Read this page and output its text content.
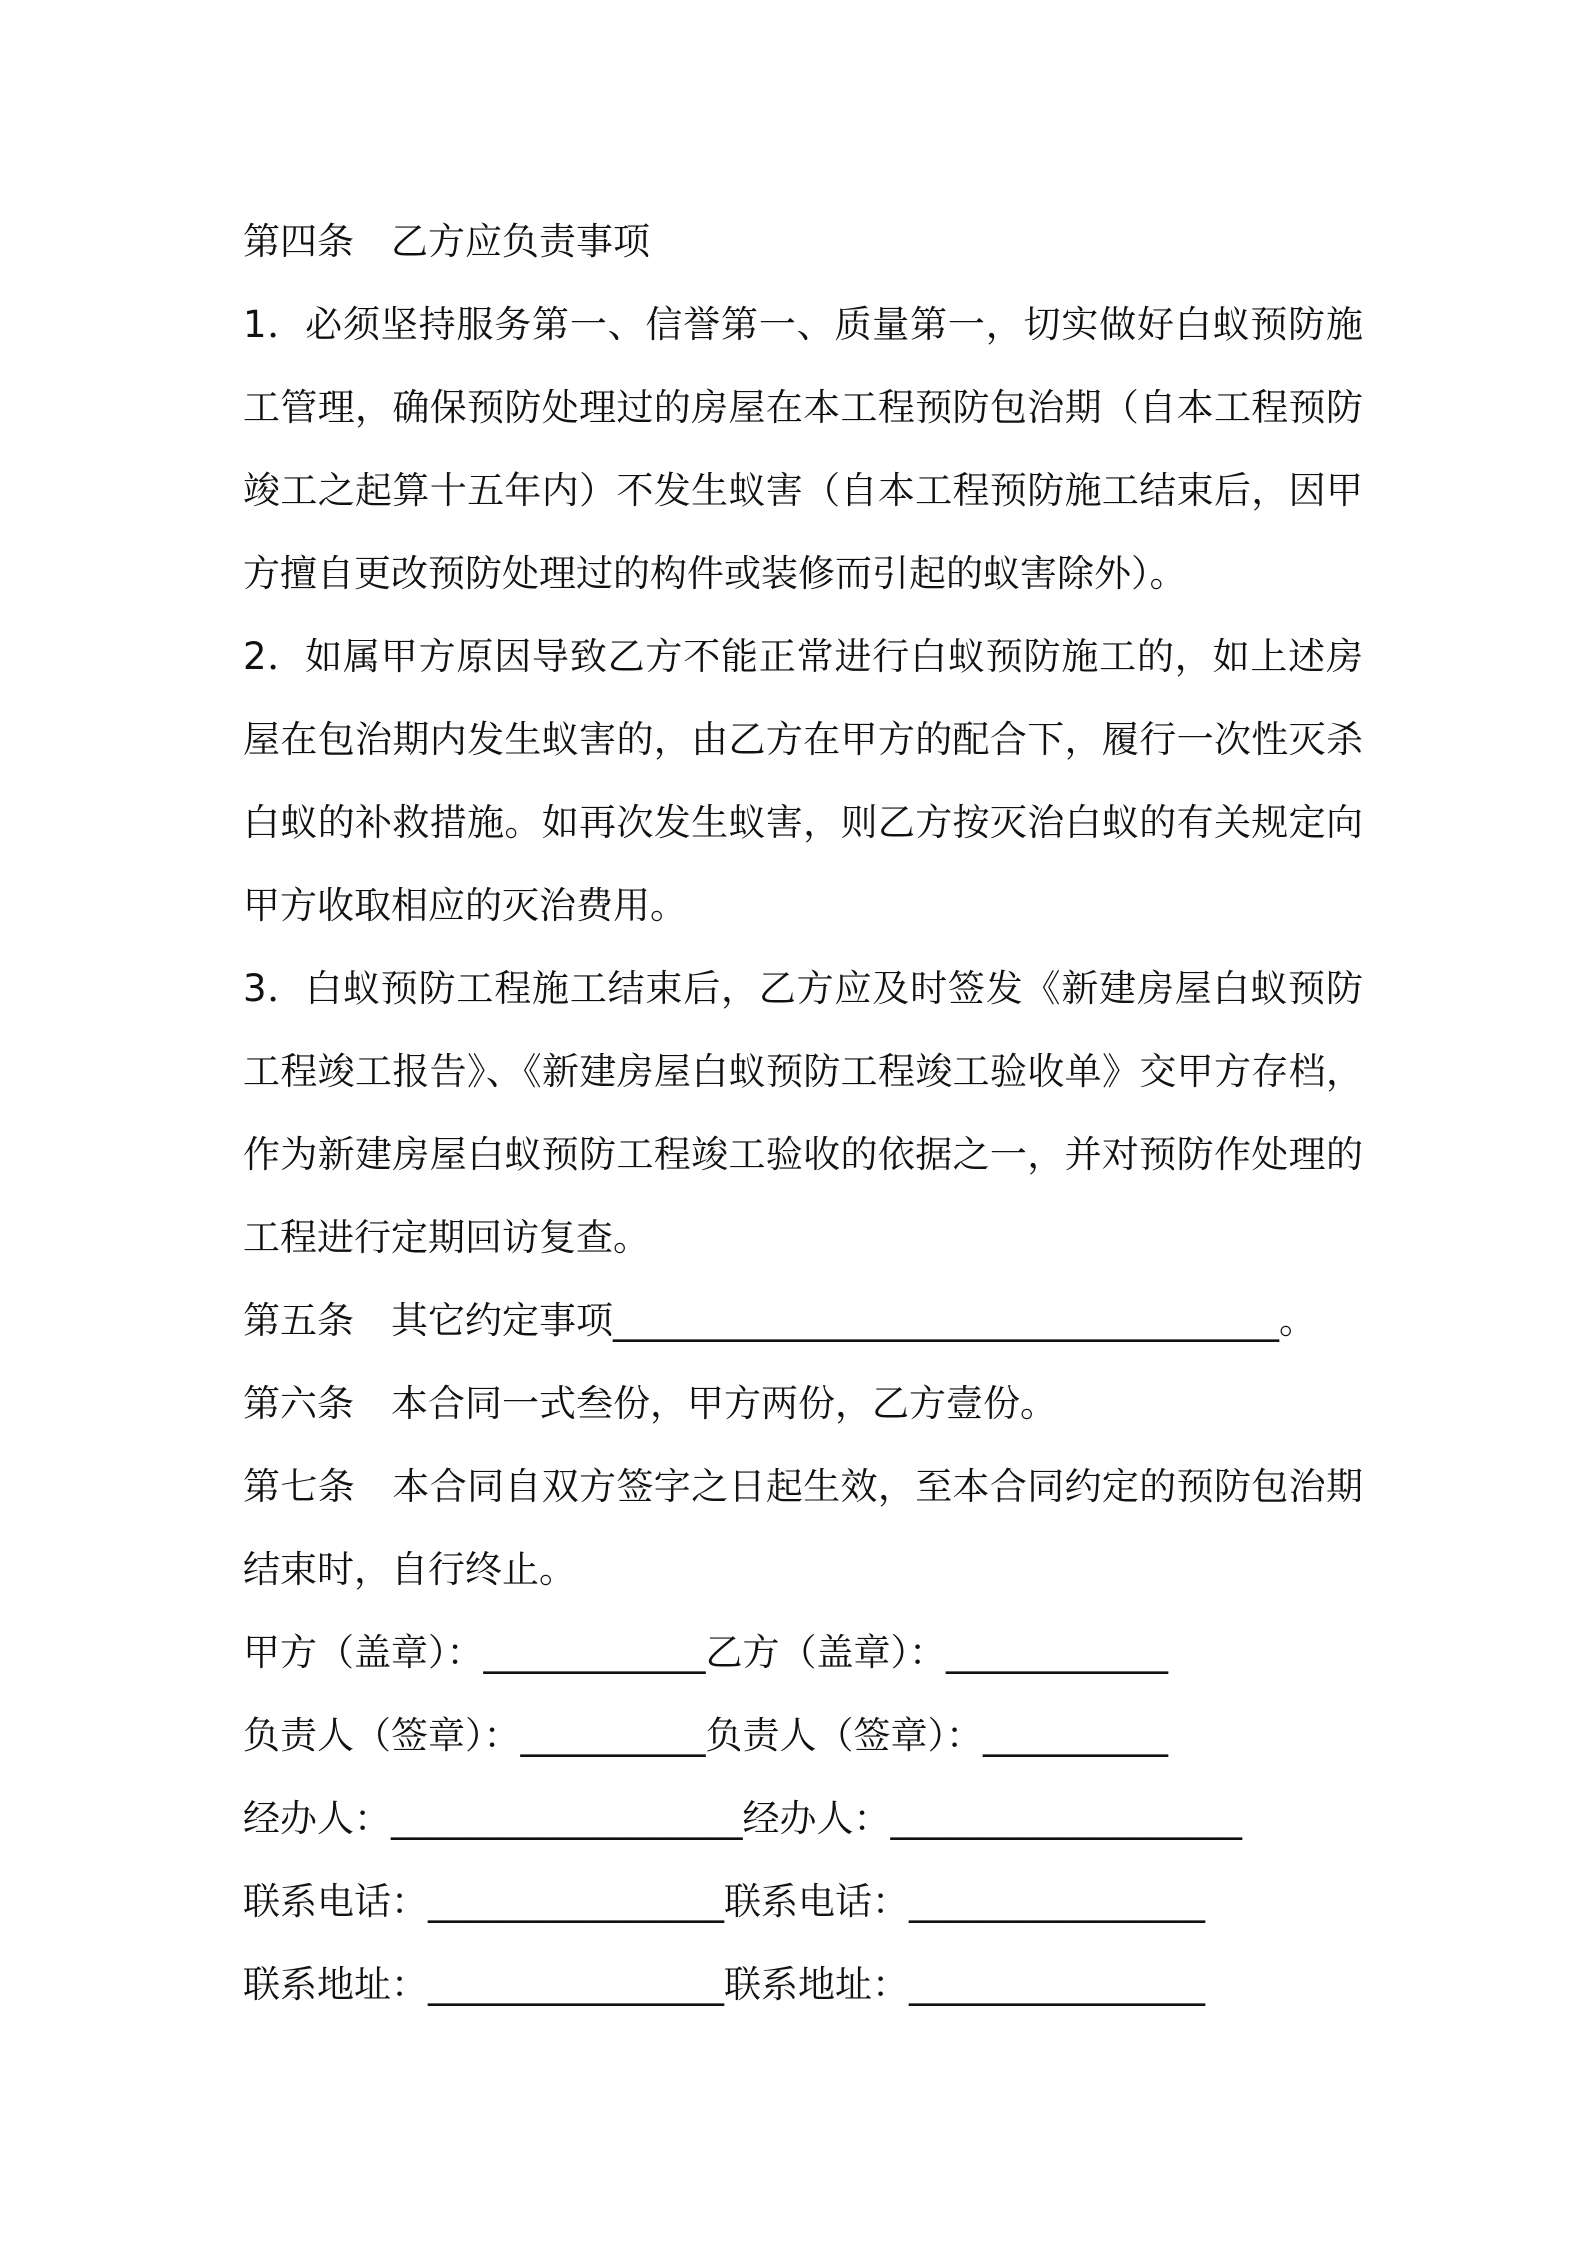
第四条　乙方应负责事项

1．必须坚持服务第一、信誉第一、质量第一，切实做好白蚁预防施工管理，确保预防处理过的房屋在本工程预防包治期（自本工程预防竣工之起算十五年内）不发生蚁害（自本工程预防施工结束后，因甲方擅自更改预防处理过的构件或装修而引起的蚁害除外）。

2．如属甲方原因导致乙方不能正常进行白蚁预防施工的，如上述房屋在包治期内发生蚁害的，由乙方在甲方的配合下，履行一次性灭杀白蚁的补救措施。如再次发生蚁害，则乙方按灭治白蚁的有关规定向甲方收取相应的灭治费用。

3．白蚁预防工程施工结束后，乙方应及时签发《新建房屋白蚁预防工程竣工报告》、《新建房屋白蚁预防工程竣工验收单》交甲方存档，作为新建房屋白蚁预防工程竣工验收的依据之一，并对预防作处理的工程进行定期回访复查。

第五条　其它约定事项____________________________________。

第六条　本合同一式叁份，甲方两份，乙方壹份。

第七条　本合同自双方签字之日起生效，至本合同约定的预防包治期结束时，自行终止。

甲方（盖章）：____________乙方（盖章）：____________

负责人（签章）：__________负责人（签章）：__________

经办人：___________________经办人：___________________

联系电话：________________联系电话：________________

联系地址：________________联系地址：________________
